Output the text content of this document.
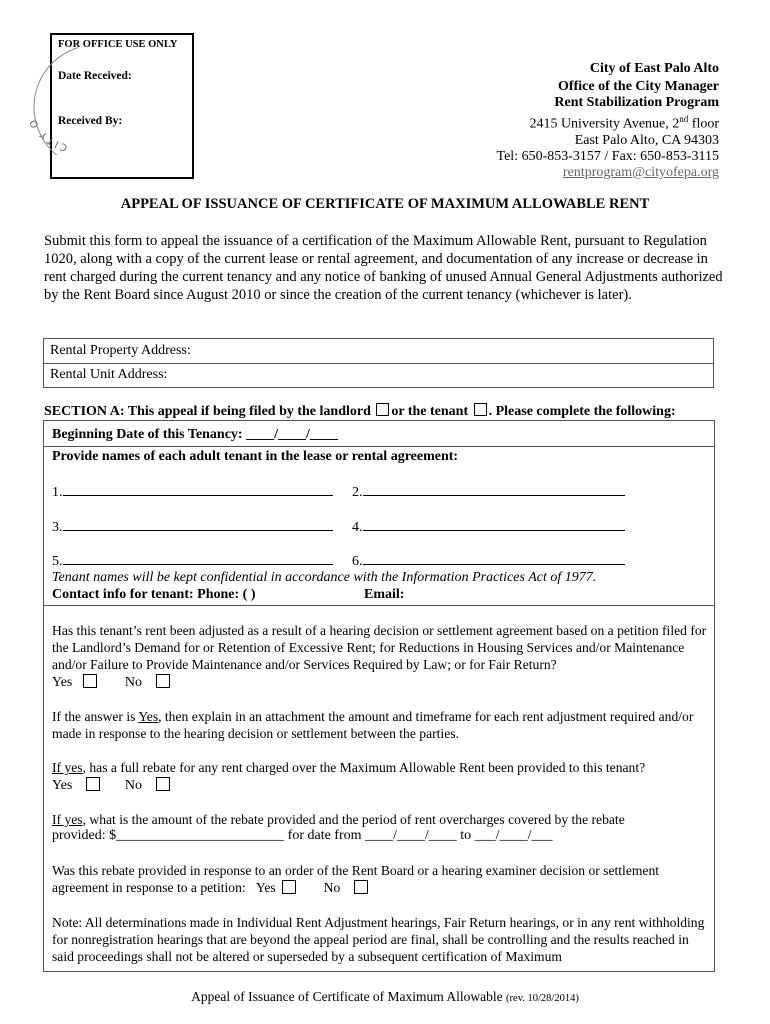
FOR OFFICE USE ONLY
Date Received:
Received By:
CITY O
City of East Palo Alto
Office of the City Manager
Rent Stabilization Program
2415 University Avenue, 2nd floor
East Palo Alto, CA 94303
Tel: 650-853-3157 / Fax: 650-853-3115
rentprogram@cityofepa.org
APPEAL OF ISSUANCE OF CERTIFICATE OF MAXIMUM ALLOWABLE RENT
Submit this form to appeal the issuance of a certification of the Maximum Allowable Rent, pursuant to Regulation 1020, along with a copy of the current lease or rental agreement, and documentation of any increase or decrease in rent charged during the current tenancy and any notice of banking of unused Annual General Adjustments authorized by the Rent Board since August 2010 or since the creation of the current tenancy (whichever is later).
Rental Property Address:
Rental Unit Address:
SECTION A: This appeal if being filed by the landlord or the tenant . Please complete the following:
Beginning Date of this Tenancy: ____/____/____
Provide names of each adult tenant in the lease or rental agreement:
1.	2.
3.	4.
5.	6.
Tenant names will be kept confidential in accordance with the Information Practices Act of 1977.
Contact info for tenant: Phone: ( )	Email:
Has this tenant’s rent been adjusted as a result of a hearing decision or settlement agreement based on a petition filed for the Landlord’s Demand for or Retention of Excessive Rent; for Reductions in Housing Services and/or Maintenance and/or Failure to Provide Maintenance and/or Services Required by Law; or for Fair Return?
Yes	No
If the answer is Yes, then explain in an attachment the amount and timeframe for each rent adjustment required and/or made in response to the hearing decision or settlement between the parties.
If yes, has a full rebate for any rent charged over the Maximum Allowable Rent been provided to this tenant?
Yes	No
If yes, what is the amount of the rebate provided and the period of rent overcharges covered by the rebate
provided: $________________________ for date from ____/____/____ to ___/____/___
Was this rebate provided in response to an order of the Rent Board or a hearing examiner decision or settlement agreement in response to a petition: Yes	No
Note: All determinations made in Individual Rent Adjustment hearings, Fair Return hearings, or in any rent withholding for nonregistration hearings that are beyond the appeal period are final, shall be controlling and the results reached in said proceedings shall not be altered or superseded by a subsequent certification of Maximum
Appeal of Issuance of Certificate of Maximum Allowable (rev. 10/28/2014)
